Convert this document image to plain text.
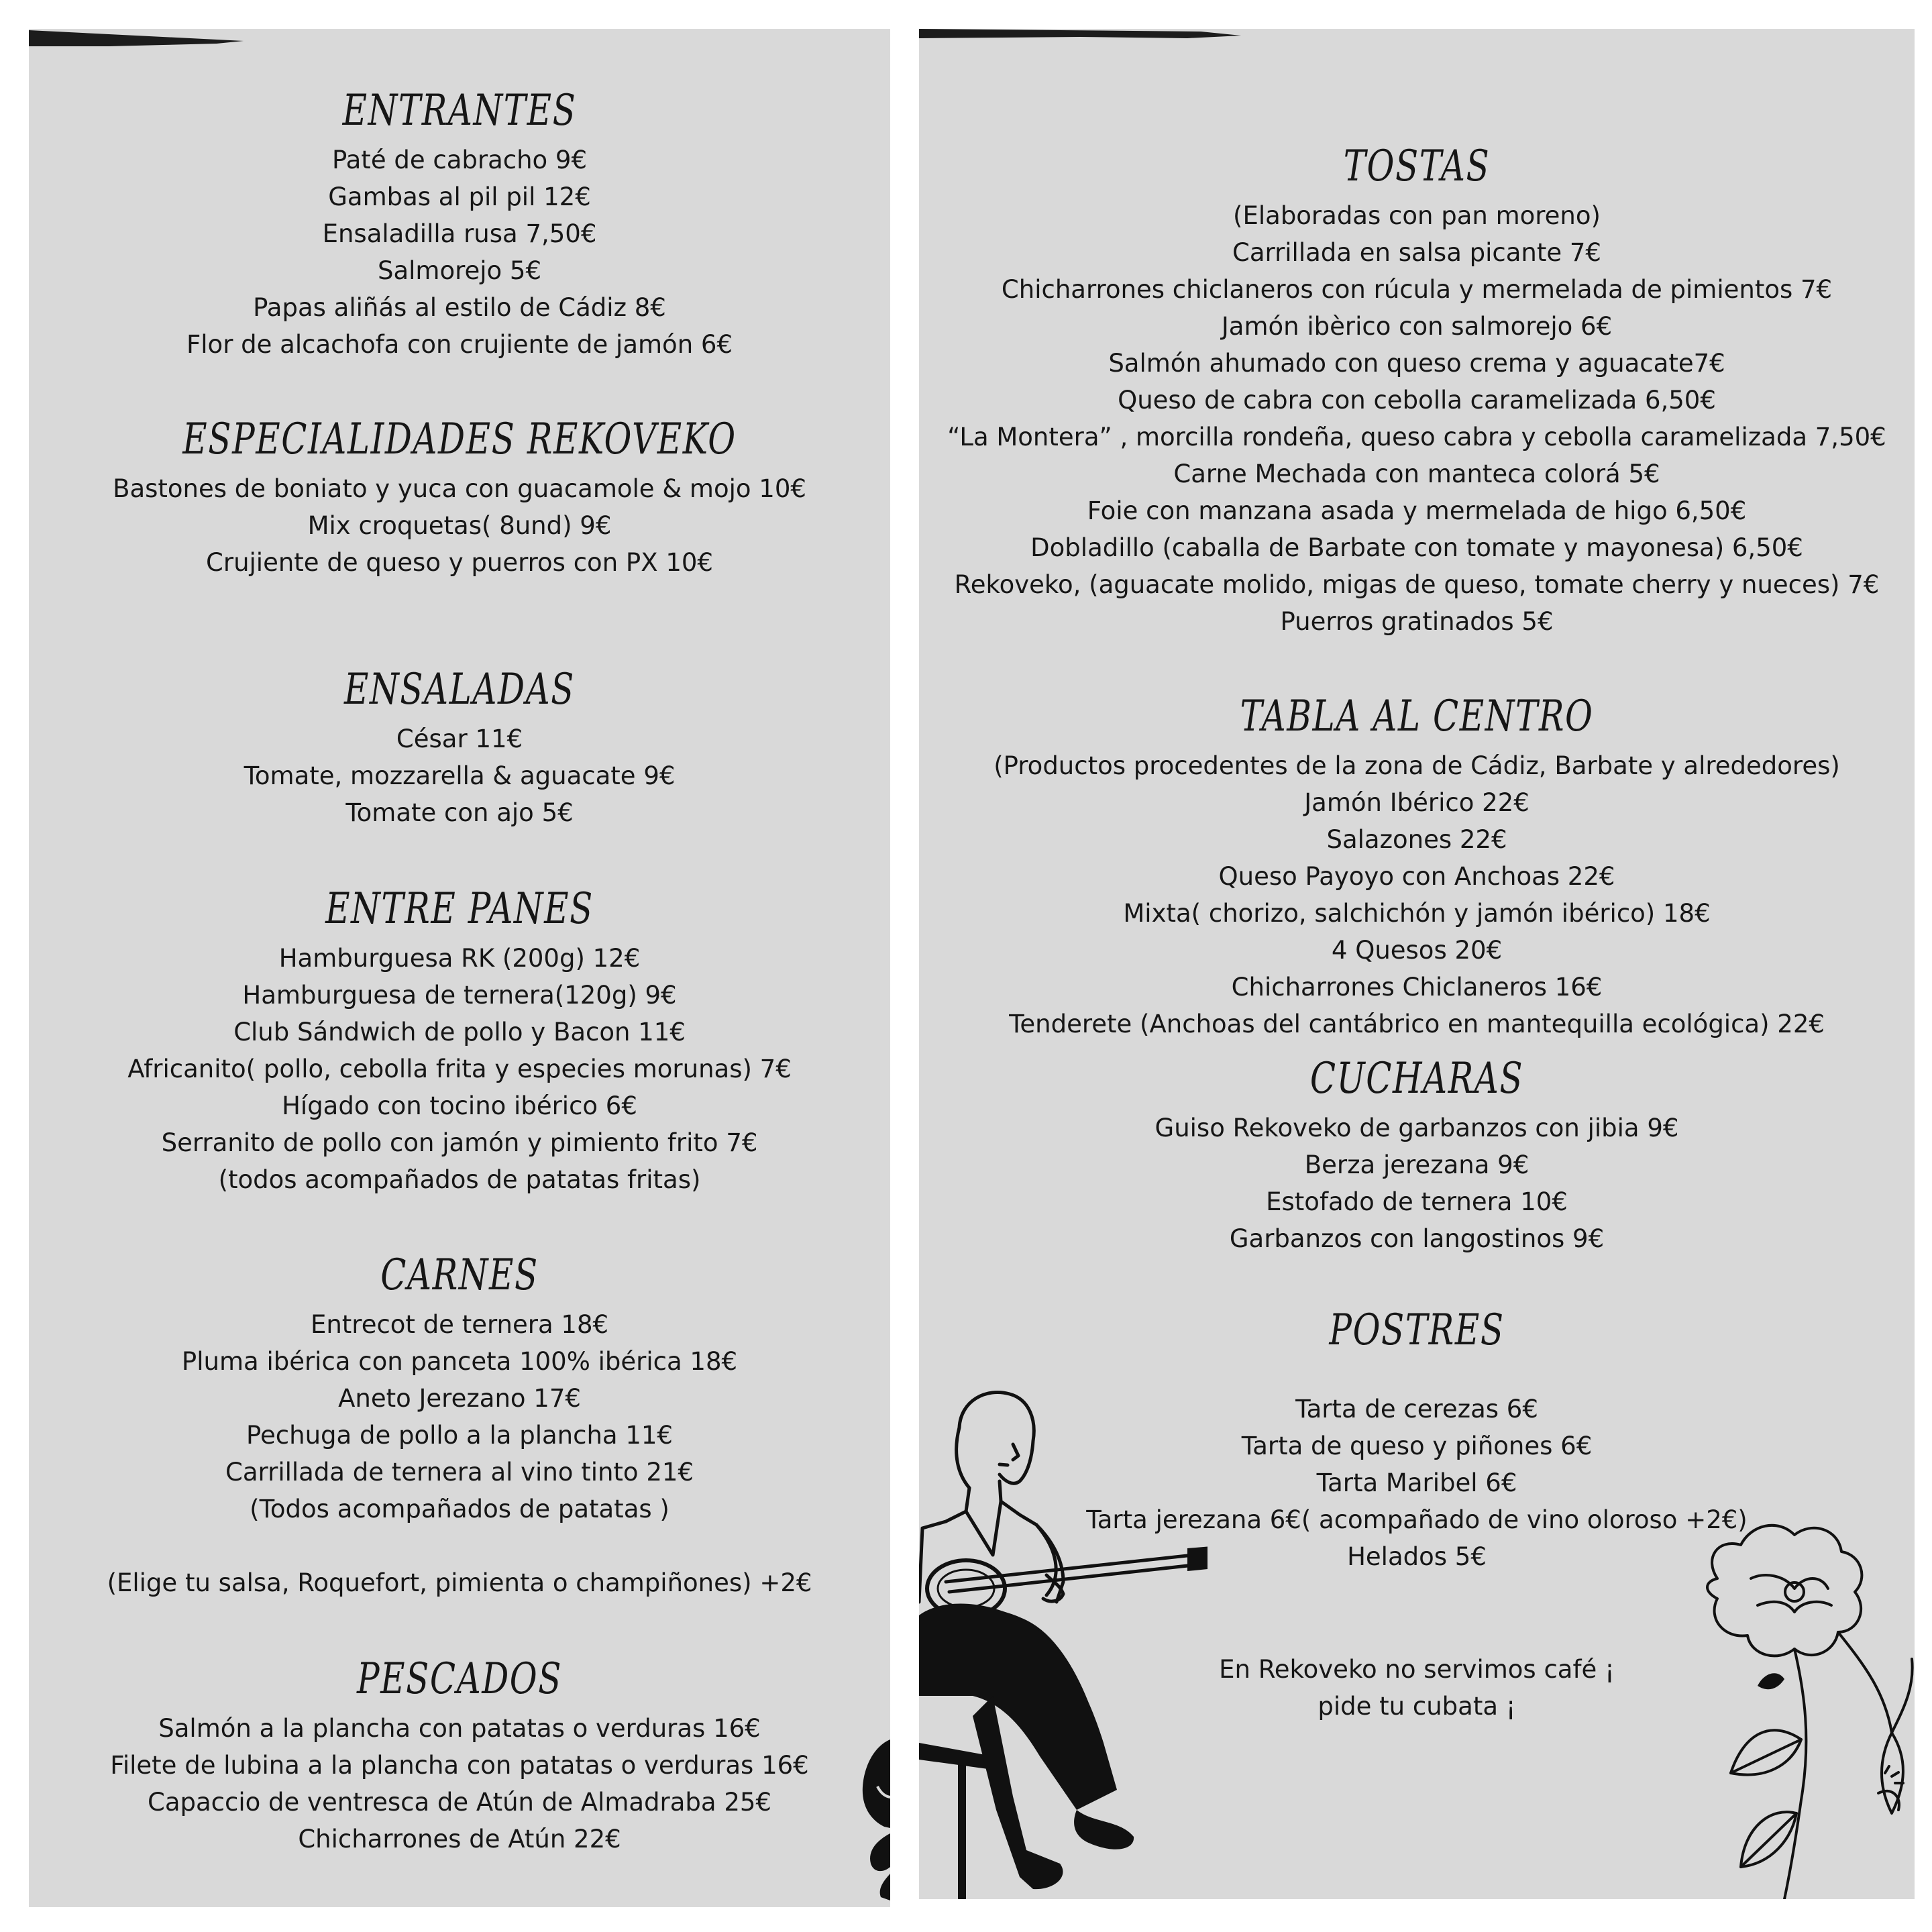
ENTRANTES
Paté de cabracho 9€
Gambas al pil pil 12€
Ensaladilla rusa 7,50€
Salmorejo 5€
Papas aliñás al estilo de Cádiz 8€
Flor de alcachofa con crujiente de jamón 6€
ESPECIALIDADES REKOVEKO
Bastones de boniato y yuca con guacamole & mojo 10€
Mix croquetas( 8und) 9€
Crujiente de queso y puerros con PX 10€
ENSALADAS
César 11€
Tomate, mozzarella & aguacate 9€
Tomate con ajo 5€
ENTRE PANES
Hamburguesa RK (200g) 12€
Hamburguesa de ternera(120g) 9€
Club Sándwich de pollo y Bacon 11€
Africanito( pollo, cebolla frita y especies morunas) 7€
Hígado con tocino ibérico 6€
Serranito de pollo con jamón y pimiento frito 7€
(todos acompañados de patatas fritas)
CARNES
Entrecot de ternera 18€
Pluma ibérica con panceta 100% ibérica 18€
Aneto Jerezano 17€
Pechuga de pollo a la plancha 11€
Carrillada de ternera al vino tinto 21€
(Todos acompañados de patatas )
(Elige tu salsa, Roquefort, pimienta o champiñones) +2€
PESCADOS
Salmón a la plancha con patatas o verduras 16€
Filete de lubina a la plancha con patatas o verduras 16€
Capaccio de ventresca de Atún de Almadraba 25€
Chicharrones de Atún 22€
TOSTAS
(Elaboradas con pan moreno)
Carrillada en salsa picante 7€
Chicharrones chiclaneros con rúcula y mermelada de pimientos 7€
Jamón ibèrico con salmorejo 6€
Salmón ahumado con queso crema y aguacate7€
Queso de cabra con cebolla caramelizada 6,50€
“La Montera” , morcilla rondeña, queso cabra y cebolla caramelizada 7,50€
Carne Mechada con manteca colorá 5€
Foie con manzana asada y mermelada de higo 6,50€
Dobladillo (caballa de Barbate con tomate y mayonesa) 6,50€
Rekoveko, (aguacate molido, migas de queso, tomate cherry y nueces) 7€
Puerros gratinados 5€
TABLA AL CENTRO
(Productos procedentes de la zona de Cádiz, Barbate y alrededores)
Jamón Ibérico 22€
Salazones 22€
Queso Payoyo con Anchoas 22€
Mixta( chorizo, salchichón y jamón ibérico) 18€
4 Quesos 20€
Chicharrones Chiclaneros 16€
Tenderete (Anchoas del cantábrico en mantequilla ecológica) 22€
CUCHARAS
Guiso Rekoveko de garbanzos con jibia 9€
Berza jerezana 9€
Estofado de ternera 10€
Garbanzos con langostinos 9€
POSTRES
Tarta de cerezas 6€
Tarta de queso y piñones 6€
Tarta Maribel 6€
Tarta jerezana 6€( acompañado de vino oloroso +2€)
Helados 5€
En Rekoveko no servimos café ¡
pide tu cubata ¡
